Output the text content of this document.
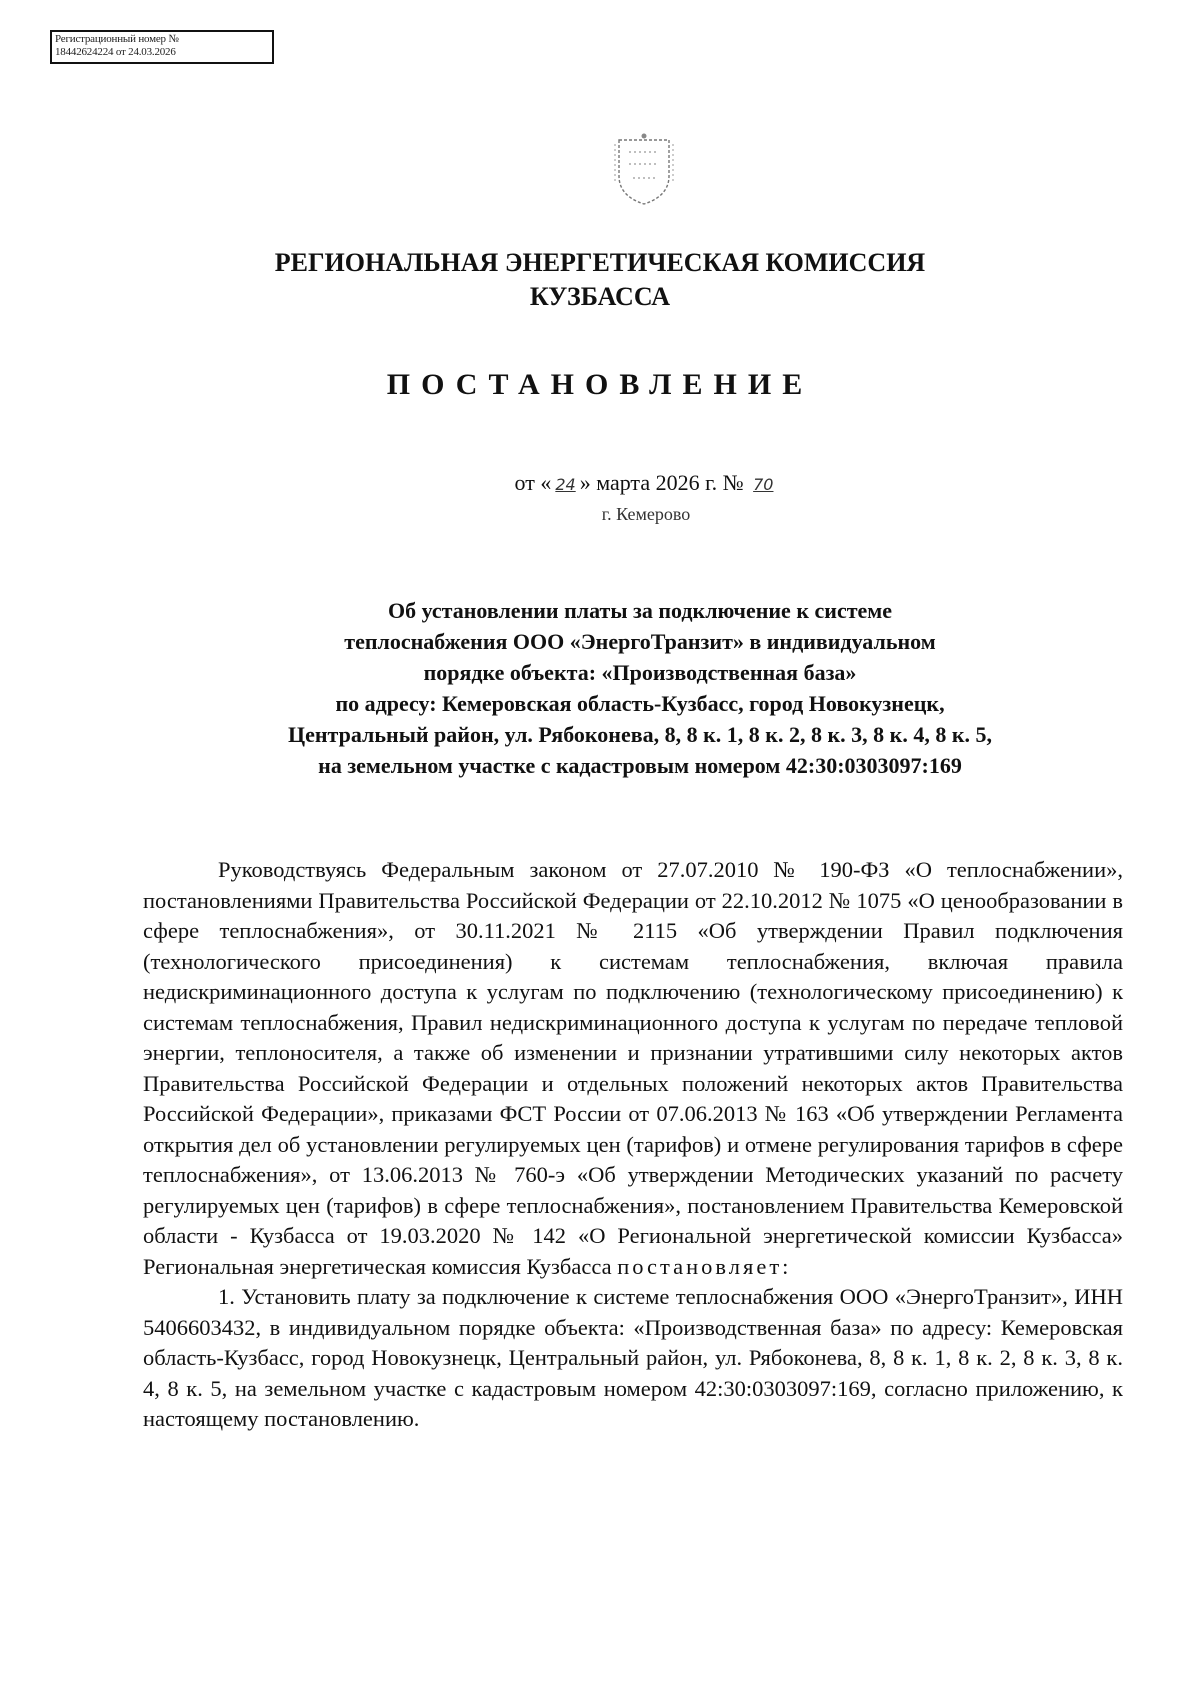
Регистрационный номер №
18442624224 от 24.03.2026
РЕГИОНАЛЬНАЯ ЭНЕРГЕТИЧЕСКАЯ КОМИССИЯ
КУЗБАССА
ПОСТАНОВЛЕНИЕ
от « 24 » марта 2026 г. № 70
г. Кемерово
Об установлении платы за подключение к системе
теплоснабжения ООО «ЭнергоТранзит» в индивидуальном
порядке объекта: «Производственная база»
по адресу: Кемеровская область-Кузбасс, город Новокузнецк,
Центральный район, ул. Рябоконева, 8, 8 к. 1, 8 к. 2, 8 к. 3, 8 к. 4, 8 к. 5,
на земельном участке с кадастровым номером 42:30:0303097:169

Руководствуясь Федеральным законом от 27.07.2010 № 190-ФЗ «О теплоснабжении», постановлениями Правительства Российской Федерации от 22.10.2012 № 1075 «О ценообразовании в сфере теплоснабжения», от 30.11.2021 № 2115 «Об утверждении Правил подключения (технологического присоединения) к системам теплоснабжения, включая правила недискриминационного доступа к услугам по подключению (технологическому присоединению) к системам теплоснабжения, Правил недискриминационного доступа к услугам по передаче тепловой энергии, теплоносителя, а также об изменении и признании утратившими силу некоторых актов Правительства Российской Федерации и отдельных положений некоторых актов Правительства Российской Федерации», приказами ФСТ России от 07.06.2013 № 163 «Об утверждении Регламента открытия дел об установлении регулируемых цен (тарифов) и отмене регулирования тарифов в сфере теплоснабжения», от 13.06.2013 № 760-э «Об утверждении Методических указаний по расчету регулируемых цен (тарифов) в сфере теплоснабжения», постановлением Правительства Кемеровской области - Кузбасса от 19.03.2020 № 142 «О Региональной энергетической комиссии Кузбасса» Региональная энергетическая комиссия Кузбасса постановляет:

1. Установить плату за подключение к системе теплоснабжения ООО «ЭнергоТранзит», ИНН 5406603432, в индивидуальном порядке объекта: «Производственная база» по адресу: Кемеровская область-Кузбасс, город Новокузнецк, Центральный район, ул. Рябоконева, 8, 8 к. 1, 8 к. 2, 8 к. 3, 8 к. 4, 8 к. 5, на земельном участке с кадастровым номером 42:30:0303097:169, согласно приложению, к настоящему постановлению.
